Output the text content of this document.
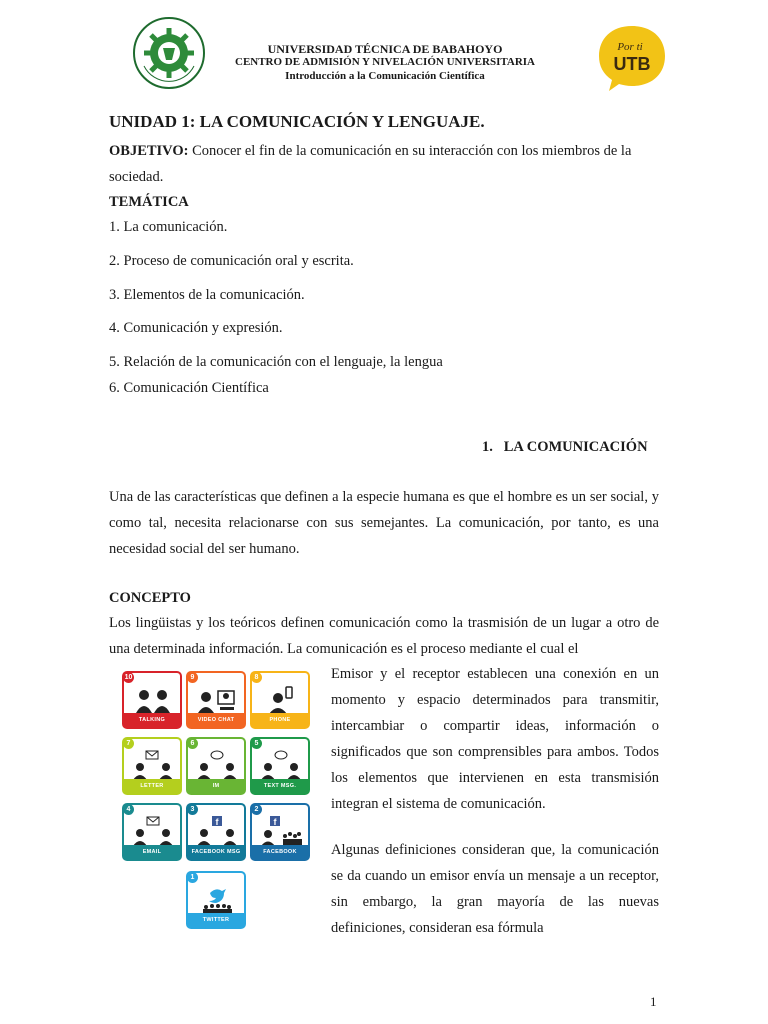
Por ti
UTB
UNIVERSIDAD TÉCNICA DE BABAHOYO
CENTRO DE ADMISIÓN Y NIVELACIÓN UNIVERSITARIA
Introducción a la Comunicación Científica
UNIDAD 1: LA COMUNICACIÓN Y LENGUAJE.
OBJETIVO: Conocer el fin de la comunicación en su interacción con los miembros de la sociedad.
TEMÁTICA
1. La comunicación.
2. Proceso de comunicación oral y escrita.
3. Elementos de la comunicación.
4. Comunicación y expresión.
5. Relación de la comunicación con el lenguaje, la lengua
6. Comunicación Científica
1. LA COMUNICACIÓN
Una de las características que definen a la especie humana es que el hombre es un ser social, y como tal, necesita relacionarse con sus semejantes. La comunicación, por tanto, es una necesidad social del ser humano.
CONCEPTO
Los lingüistas y los teóricos definen comunicación como la trasmisión de un lugar a otro de una determinada información. La comunicación es el proceso mediante el cual el
Emisor y el receptor establecen una conexión en un momento y espacio determinados para transmitir, intercambiar o compartir ideas, información o significados que son comprensibles para ambos. Todos los elementos que intervienen en esta transmisión integran el sistema de comunicación.
Algunas definiciones consideran que, la comunicación se da cuando un emisor envía un mensaje a un receptor, sin embargo, la gran mayoría de las nuevas definiciones, consideran esa fórmula
10
TALKING
9
VIDEO CHAT
8
PHONE
7
LETTER
6
IM
5
TEXT MSG.
4
EMAIL
3
f
FACEBOOK MSG
2
f
FACEBOOK STATUS
1
TWITTER
1
